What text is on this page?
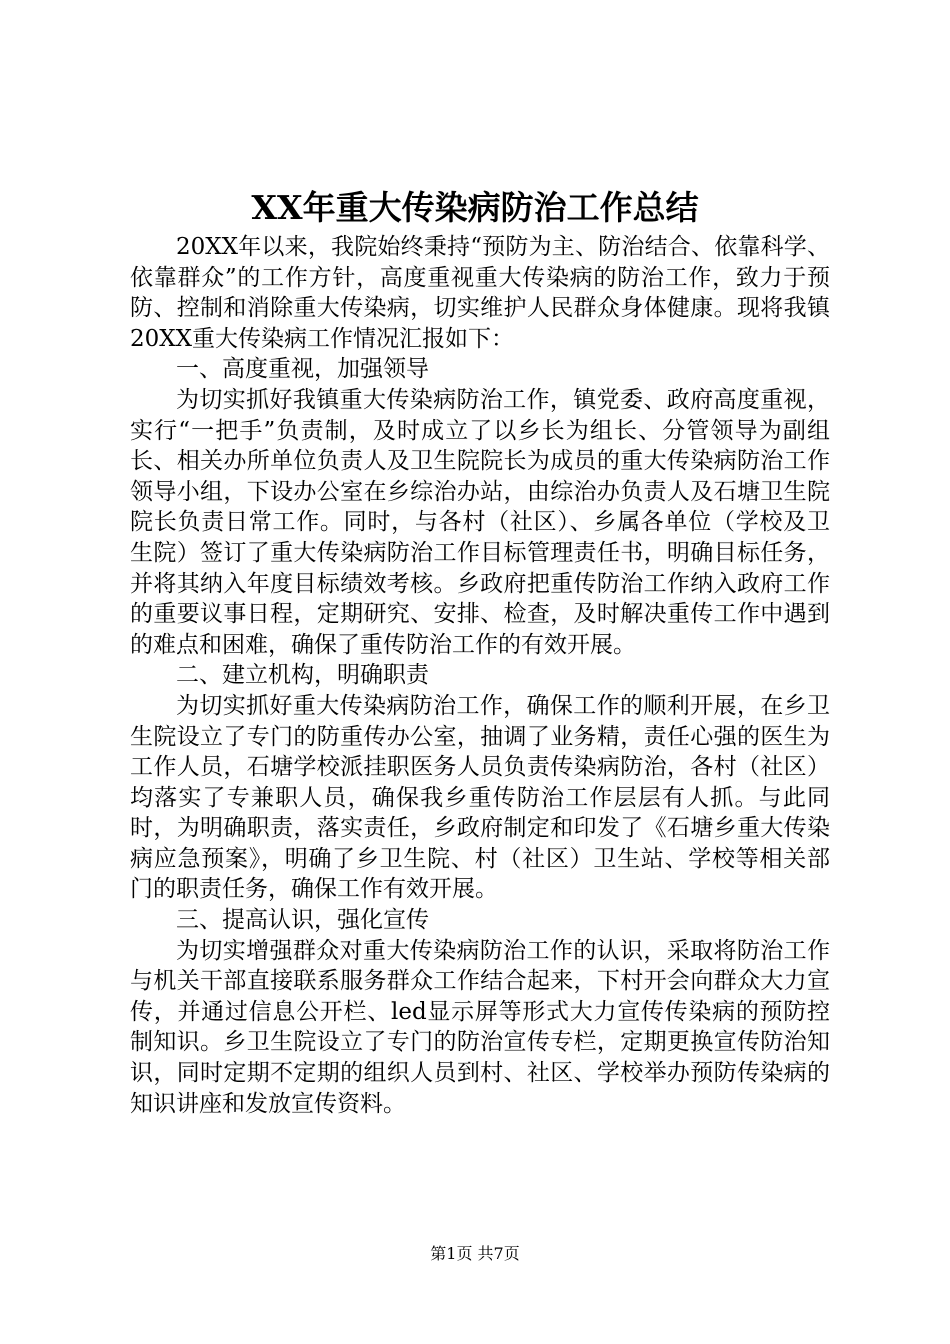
XX年重大传染病防治工作总结

20XX年以来，我院始终秉持“预防为主、防治结合、依靠科学、依靠群众”的工作方针，高度重视重大传染病的防治工作，致力于预防、控制和消除重大传染病，切实维护人民群众身体健康。现将我镇20XX重大传染病工作情况汇报如下：

一、高度重视，加强领导

为切实抓好我镇重大传染病防治工作，镇党委、政府高度重视，实行“一把手”负责制，及时成立了以乡长为组长、分管领导为副组长、相关办所单位负责人及卫生院院长为成员的重大传染病防治工作领导小组，下设办公室在乡综治办站，由综治办负责人及石塘卫生院院长负责日常工作。同时，与各村（社区）、乡属各单位（学校及卫生院）签订了重大传染病防治工作目标管理责任书，明确目标任务，并将其纳入年度目标绩效考核。乡政府把重传防治工作纳入政府工作的重要议事日程，定期研究、安排、检查，及时解决重传工作中遇到的难点和困难，确保了重传防治工作的有效开展。

二、建立机构，明确职责

为切实抓好重大传染病防治工作，确保工作的顺利开展，在乡卫生院设立了专门的防重传办公室，抽调了业务精，责任心强的医生为工作人员，石塘学校派挂职医务人员负责传染病防治，各村（社区）均落实了专兼职人员，确保我乡重传防治工作层层有人抓。与此同时，为明确职责，落实责任，乡政府制定和印发了《石塘乡重大传染病应急预案》，明确了乡卫生院、村（社区）卫生站、学校等相关部门的职责任务，确保工作有效开展。

三、提高认识，强化宣传

为切实增强群众对重大传染病防治工作的认识，采取将防治工作与机关干部直接联系服务群众工作结合起来，下村开会向群众大力宣传，并通过信息公开栏、led显示屏等形式大力宣传传染病的预防控制知识。乡卫生院设立了专门的防治宣传专栏，定期更换宣传防治知识，同时定期不定期的组织人员到村、社区、学校举办预防传染病的知识讲座和发放宣传资料。

第1页 共7页
